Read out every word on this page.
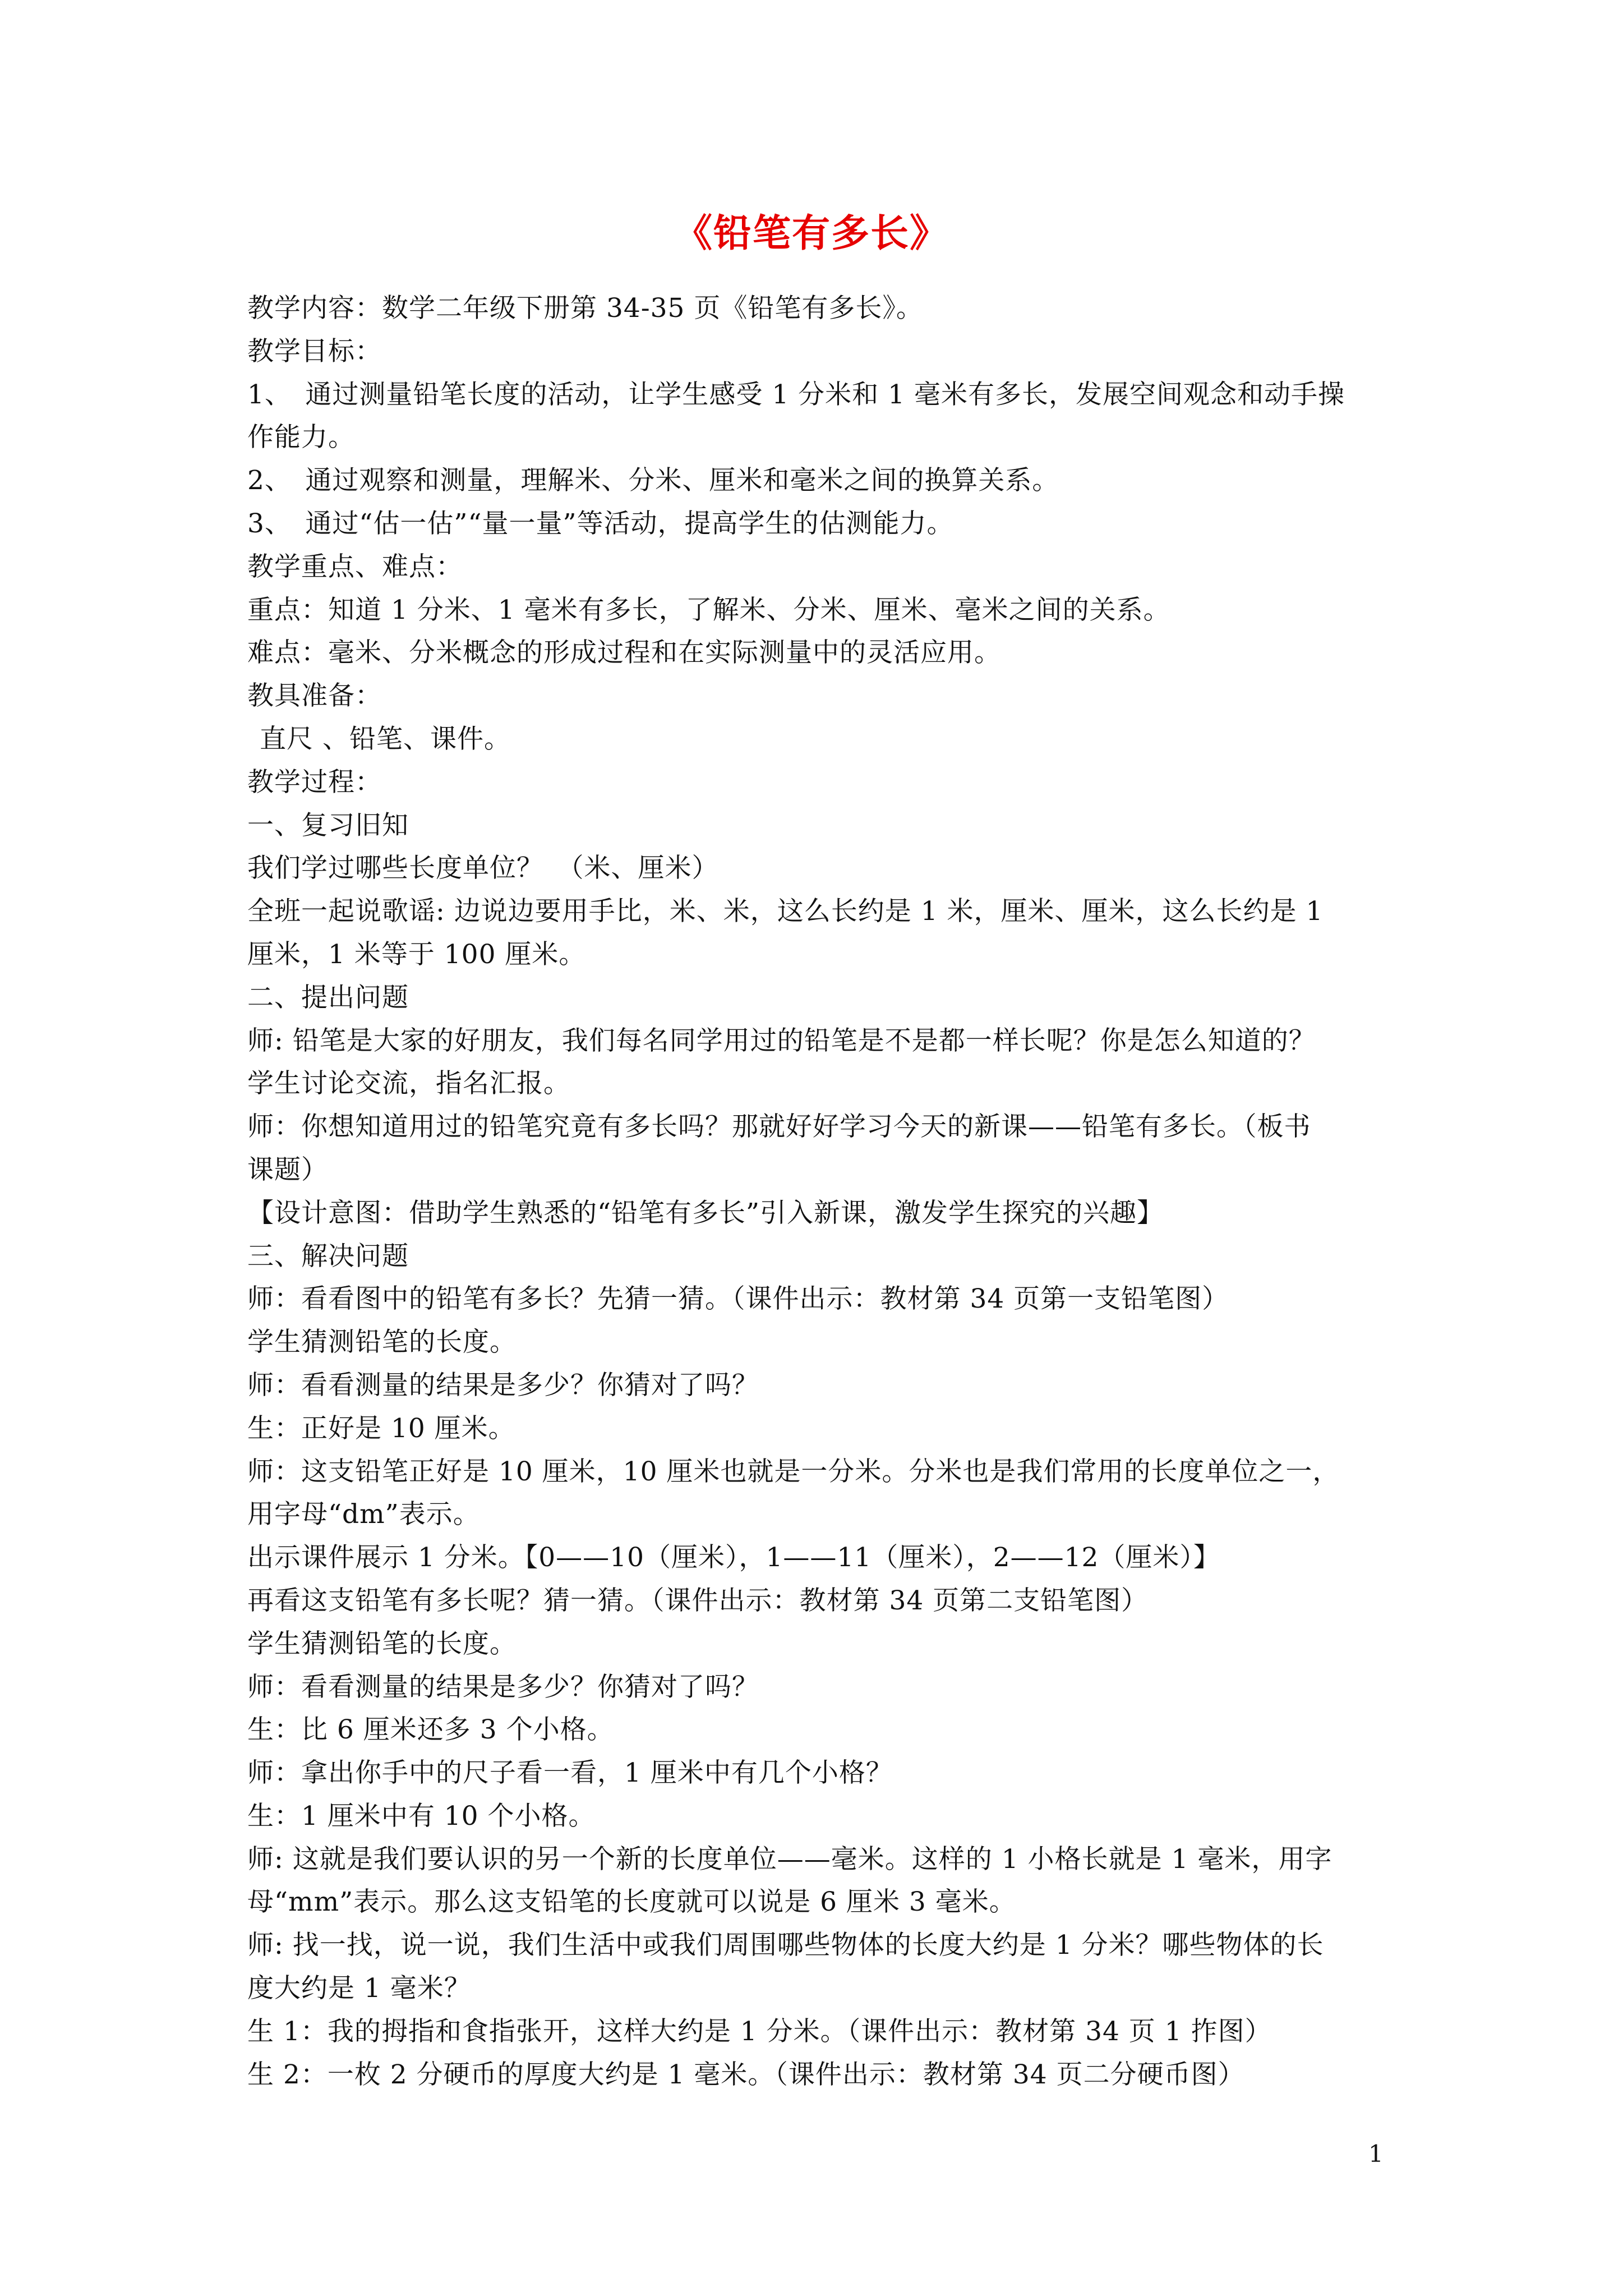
《铅笔有多长》
教学内容：数学二年级下册第 34-35 页《铅笔有多长》。
教学目标：
1、　通过测量铅笔长度的活动，让学生感受 1 分米和 1 毫米有多长，发展空间观念和动手操
作能力。
2、　通过观察和测量，理解米、分米、厘米和毫米之间的换算关系。
3、　通过“估一估”“量一量”等活动，提高学生的估测能力。
教学重点、难点：
重点：知道 1 分米、1 毫米有多长，了解米、分米、厘米、毫米之间的关系。
难点：毫米、分米概念的形成过程和在实际测量中的灵活应用。
教具准备：
直尺 、铅笔、课件。
教学过程：
一、复习旧知
我们学过哪些长度单位？　（米、厘米）
全班一起说歌谣: 边说边要用手比，米、米，这么长约是 1 米，厘米、厘米，这么长约是 1
厘米，1 米等于 100 厘米。
二、提出问题
师: 铅笔是大家的好朋友，我们每名同学用过的铅笔是不是都一样长呢？你是怎么知道的？
学生讨论交流，指名汇报。
师：你想知道用过的铅笔究竟有多长吗？那就好好学习今天的新课——铅笔有多长。（板书
课题）
【设计意图：借助学生熟悉的“铅笔有多长”引入新课，激发学生探究的兴趣】
三、解决问题
师：看看图中的铅笔有多长？先猜一猜。（课件出示：教材第 34 页第一支铅笔图）
学生猜测铅笔的长度。
师：看看测量的结果是多少？你猜对了吗？
生：正好是 10 厘米。
师：这支铅笔正好是 10 厘米，10 厘米也就是一分米。分米也是我们常用的长度单位之一，
用字母“dm”表示。
出示课件展示 1 分米。【0——10（厘米），1——11（厘米），2——12（厘米）】
再看这支铅笔有多长呢？猜一猜。（课件出示：教材第 34 页第二支铅笔图）
学生猜测铅笔的长度。
师：看看测量的结果是多少？你猜对了吗？
生：比 6 厘米还多 3 个小格。
师：拿出你手中的尺子看一看，1 厘米中有几个小格？
生：1 厘米中有 10 个小格。
师: 这就是我们要认识的另一个新的长度单位——毫米。这样的 1 小格长就是 1 毫米，用字
母“mm”表示。那么这支铅笔的长度就可以说是 6 厘米 3 毫米。
师: 找一找，说一说，我们生活中或我们周围哪些物体的长度大约是 1 分米？哪些物体的长
度大约是 1 毫米？
生 1：我的拇指和食指张开，这样大约是 1 分米。（课件出示：教材第 34 页 1 拃图）
生 2：一枚 2 分硬币的厚度大约是 1 毫米。（课件出示：教材第 34 页二分硬币图）
1
